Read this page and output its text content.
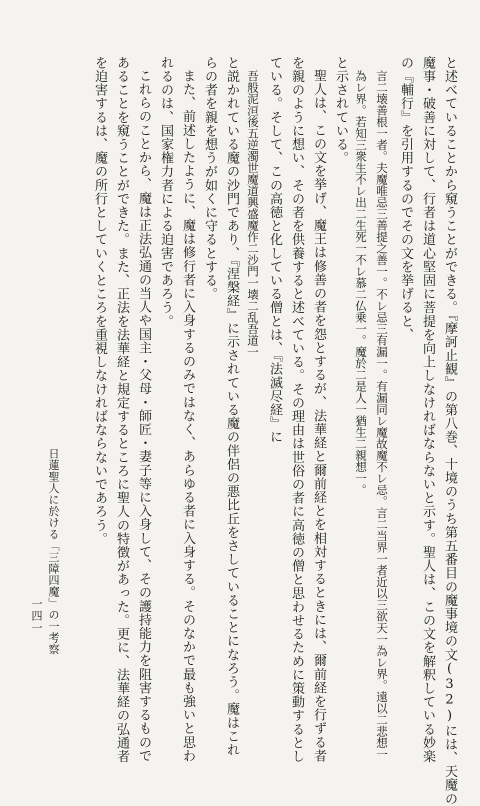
と述べていることから窺うことができる。『摩訶止観』の第八巻、十境のうち第五番目の魔事境の文(32)には、天魔の
魔事・破善に対して、行者は道心堅固に菩提を向上しなければならないと示す。聖人は、この文を解釈している妙楽
の『輔行』を引用するのでその文を挙げると、
言二壊善根一者。夫魔唯忌三善提之善一。不レ忌三有漏一。有漏同レ魔故魔不レ忌。言二当界一者近以三欲天一為レ界。遠以二悲想一
為レ界。若知三衆生不レ出二生死一不レ慕二仏乗一。魔於二是人一猶生二親想一。
と示されている。
聖人は、この文を挙げ、魔王は修善の者を怨とするが、法華経と爾前経とを相対するときには、爾前経を行ずる者
を親のように想い、その者を供養すると述べている。その理由は世俗の者に高徳の僧と思わせるために策動するとし
ている。そして、この高徳と化している僧とは、『法滅尽経』に
吾般泥洹後五逆濁世魔道興盛魔作二沙門一壊二乱吾道一
と説かれている魔の沙門であり、『涅槃経』に示されている魔の伴侶の悪比丘をさしていることになろう。魔はこれ
らの者を親を想うが如くに守るとする。
また、前述したように、魔は修行者に入身するのみではなく、あらゆる者に入身する。そのなかで最も強いと思わ
れるのは、国家権力者による迫害であろう。
これらのことから、魔は正法弘通の当人や国主・父母・師匠・妻子等に入身して、その護持能力を阻害するもので
あることを窺うことができた。また、正法を法華経と規定するところに聖人の特徴があった。更に、法華経の弘通者
を迫害するは、魔の所行としていくところを重視しなければならないであろう。
日蓮聖人に於ける「三障四魔」の一考察
一四一
